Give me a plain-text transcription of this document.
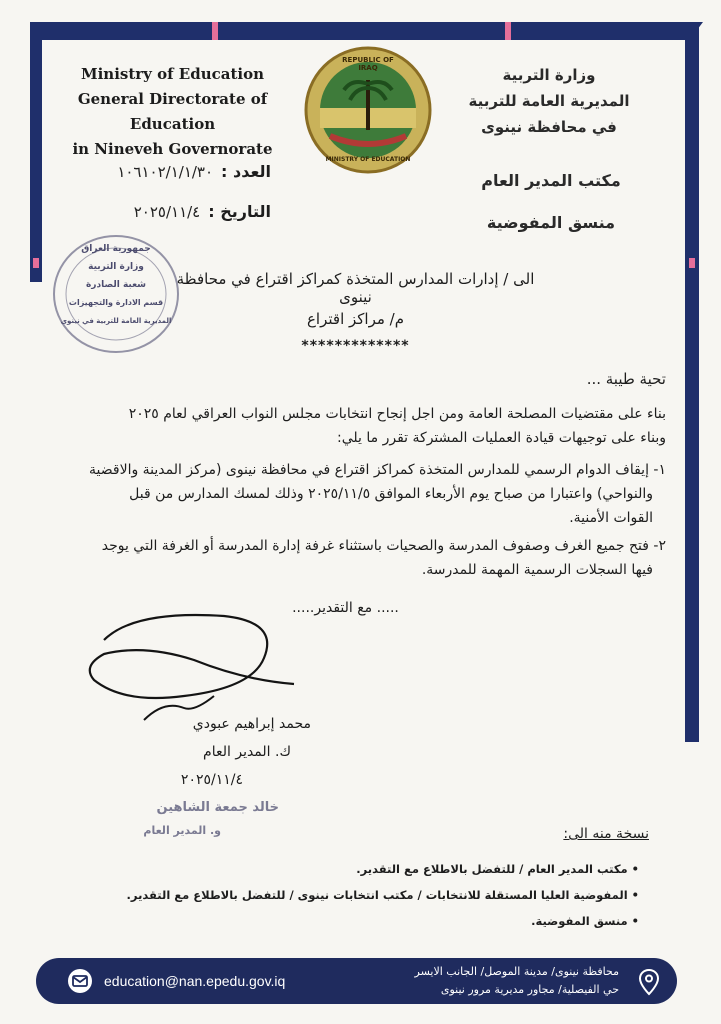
Ministry of Education
General Directorate of Education
in Nineveh Governorate
REPUBLIC OF IRAQ
MINISTRY OF EDUCATION
وزارة التربية
المديرية العامة للتربية
في محافظة نينوى
مكتب المدير العام
منسق المفوضية
العدد :
١٠٦١٠٢/١/١/٣٠
التاريخ :
٢٠٢٥/١١/٤
جمهورية العراق
وزارة التربية
شعبة الصادرة
قسم الادارة والتجهيزات
المديرية العامة للتربية في نينوى
الى / إدارات المدارس المتخذة كمراكز اقتراع في محافظة نينوى
م/ مراكز اقتراع
*************
تحية طيبة ...
بناء على مقتضيات المصلحة العامة ومن اجل إنجاح انتخابات مجلس النواب العراقي لعام ٢٠٢٥
وبناء على توجيهات قيادة العمليات المشتركة تقرر ما يلي:
١- إيقاف الدوام الرسمي للمدارس المتخذة كمراكز اقتراع في محافظة نينوى (مركز المدينة والاقضية
والنواحي) واعتبارا من صباح يوم الأربعاء الموافق ٢٠٢٥/١١/٥ وذلك لمسك المدارس من قبل
القوات الأمنية.
٢- فتح جميع الغرف وصفوف المدرسة والصحيات باستثناء غرفة إدارة المدرسة أو الغرفة التي يوجد
فيها السجلات الرسمية المهمة للمدرسة.
..... مع التقدير.....
محمد إبراهيم عبودي
ك. المدير العام
٢٠٢٥/١١/٤
خالد جمعة الشاهين
و. المدير العام	نسخة منه الى:
• مكتب المدير العام / للتفضل بالاطلاع مع التقدير.
• المفوضية العليا المستقلة للانتخابات / مكتب انتخابات نينوى / للتفضل بالاطلاع مع التقدير.
• منسق المفوضية.
education@nan.epedu.gov.iq
محافظة نينوى/ مدينة الموصل/ الجانب الايسر
حي الفيصلية/ مجاور مديرية مرور نينوى
